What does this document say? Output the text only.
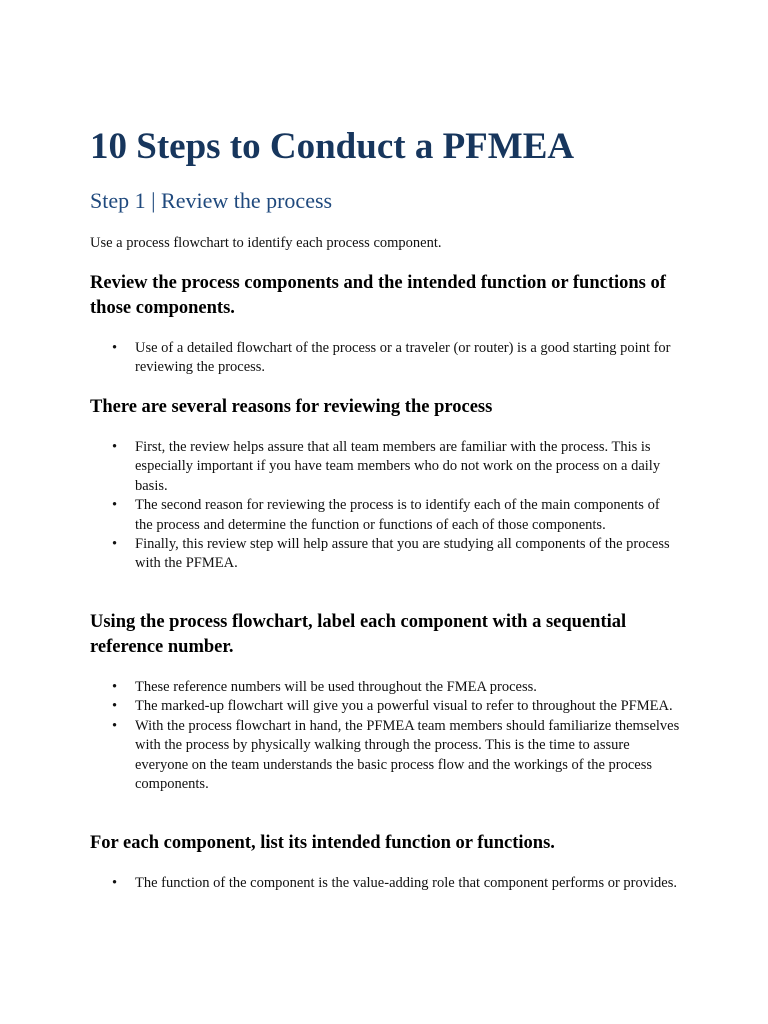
10 Steps to Conduct a PFMEA
Step 1 | Review the process

Use a process flowchart to identify each process component.

Review the process components and the intended function or functions of those components.
• Use of a detailed flowchart of the process or a traveler (or router) is a good starting point for reviewing the process.
There are several reasons for reviewing the process
• First, the review helps assure that all team members are familiar with the process. This is especially important if you have team members who do not work on the process on a daily basis.
• The second reason for reviewing the process is to identify each of the main components of the process and determine the function or functions of each of those components.
• Finally, this review step will help assure that you are studying all components of the process with the PFMEA.
Using the process flowchart, label each component with a sequential reference number.
• These reference numbers will be used throughout the FMEA process.
• The marked-up flowchart will give you a powerful visual to refer to throughout the PFMEA.
• With the process flowchart in hand, the PFMEA team members should familiarize themselves with the process by physically walking through the process. This is the time to assure everyone on the team understands the basic process flow and the workings of the process components.
For each component, list its intended function or functions.
• The function of the component is the value-adding role that component performs or provides.
